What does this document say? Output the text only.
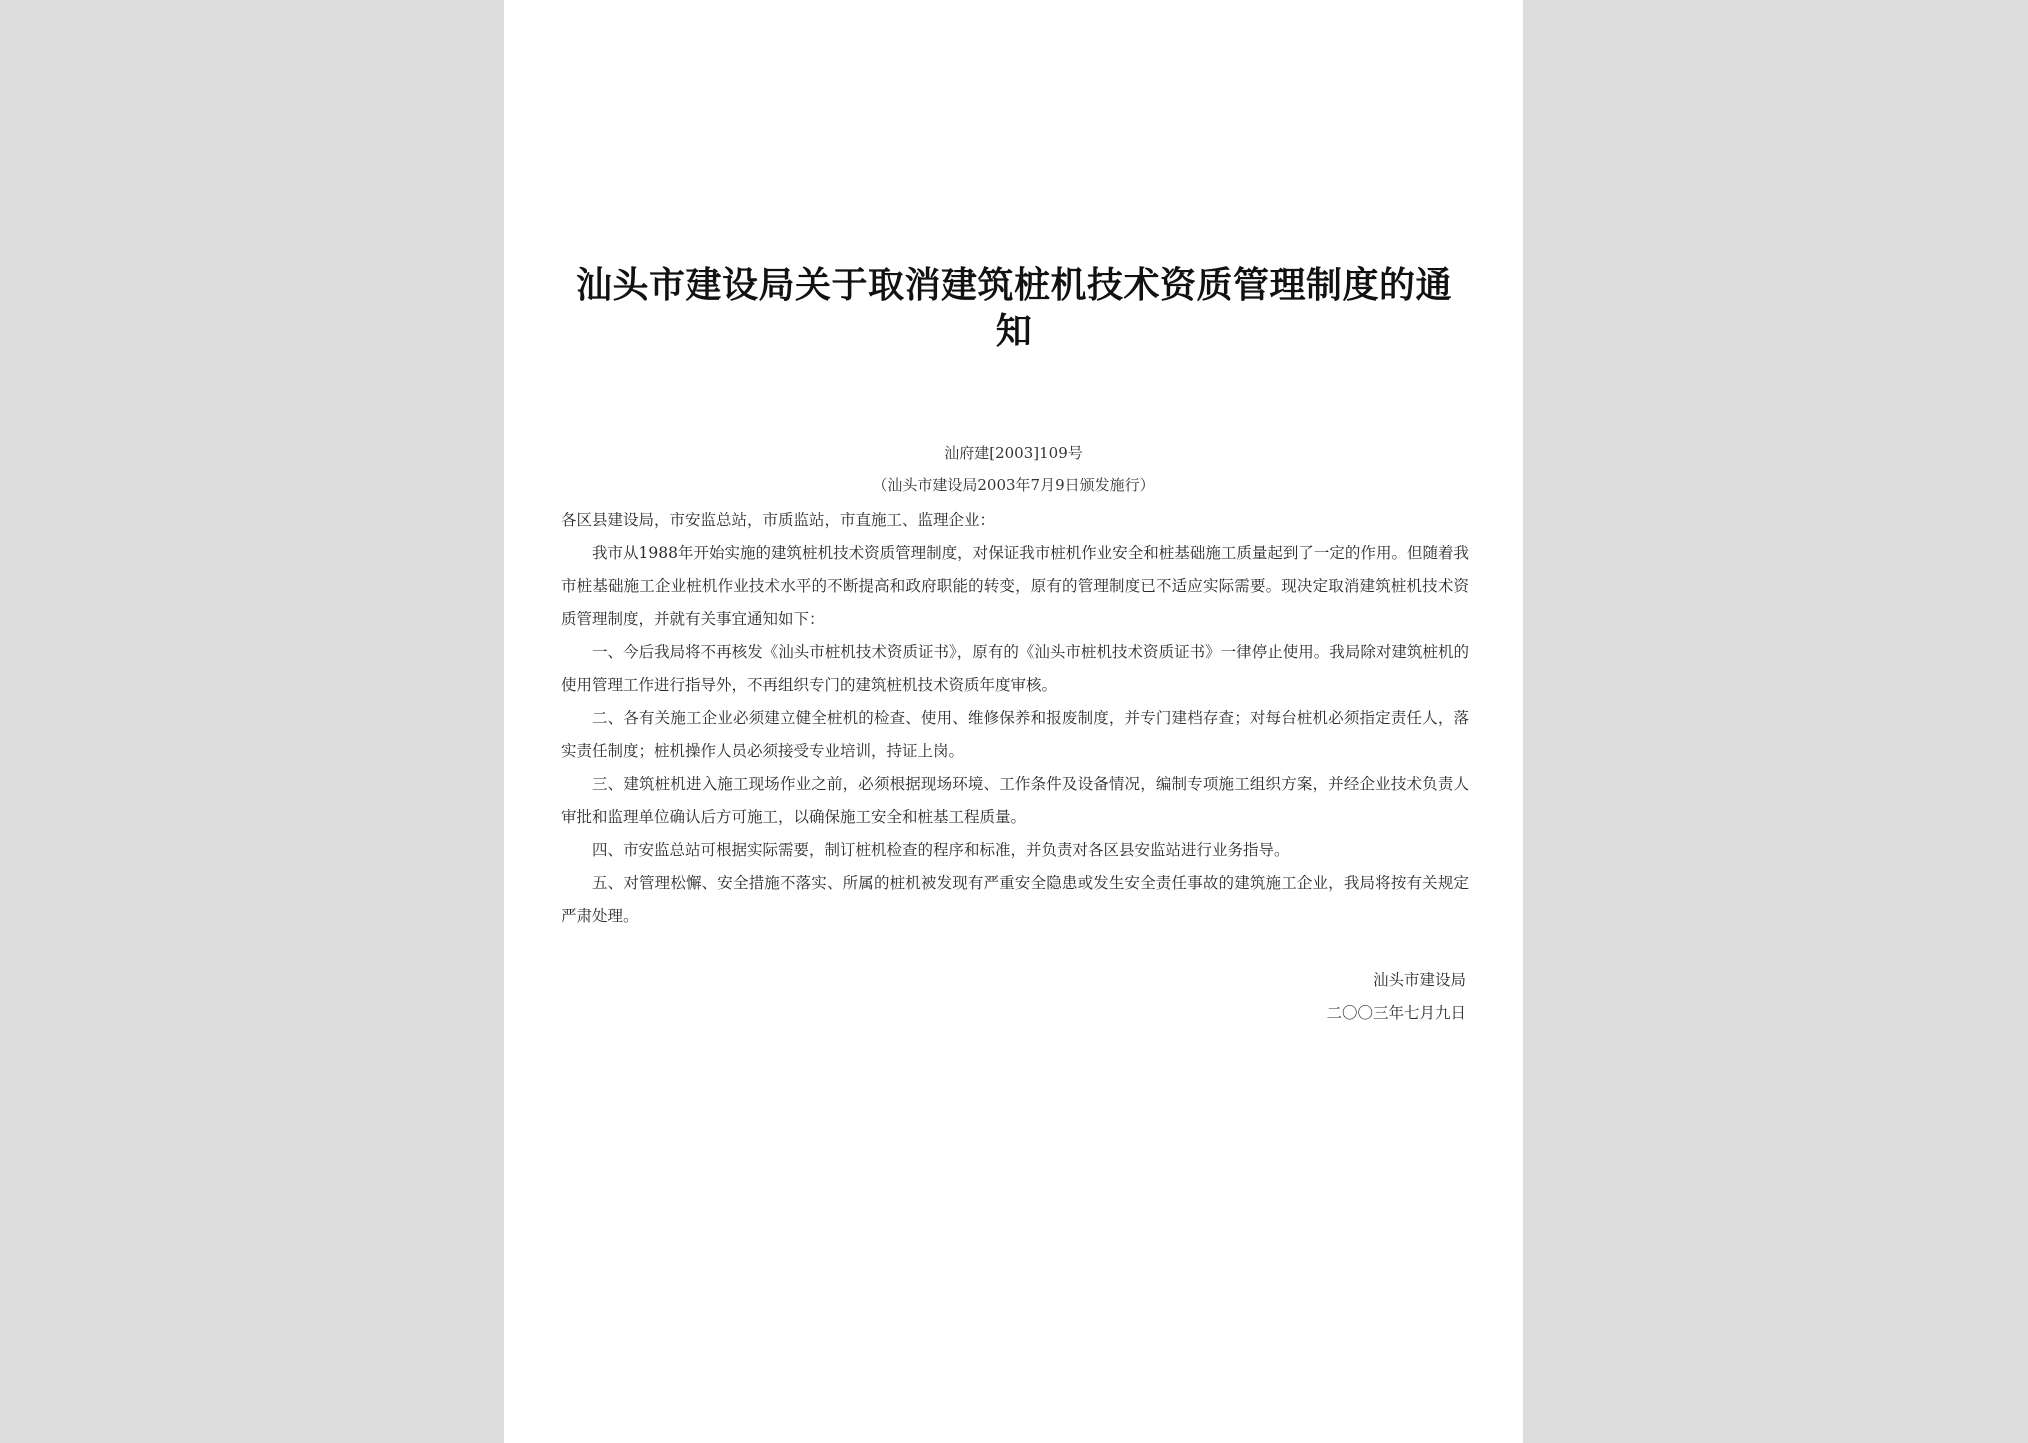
汕头市建设局关于取消建筑桩机技术资质管理制度的通知
汕府建[2003]109号
（汕头市建设局2003年7月9日颁发施行）

各区县建设局，市安监总站，市质监站，市直施工、监理企业：

我市从1988年开始实施的建筑桩机技术资质管理制度，对保证我市桩机作业安全和桩基础施工质量起到了一定的作用。但随着我市桩基础施工企业桩机作业技术水平的不断提高和政府职能的转变，原有的管理制度已不适应实际需要。现决定取消建筑桩机技术资质管理制度，并就有关事宜通知如下：

一、今后我局将不再核发《汕头市桩机技术资质证书》，原有的《汕头市桩机技术资质证书》一律停止使用。我局除对建筑桩机的使用管理工作进行指导外，不再组织专门的建筑桩机技术资质年度审核。

二、各有关施工企业必须建立健全桩机的检查、使用、维修保养和报废制度，并专门建档存查；对每台桩机必须指定责任人，落实责任制度；桩机操作人员必须接受专业培训，持证上岗。

三、建筑桩机进入施工现场作业之前，必须根据现场环境、工作条件及设备情况，编制专项施工组织方案，并经企业技术负责人审批和监理单位确认后方可施工，以确保施工安全和桩基工程质量。

四、市安监总站可根据实际需要，制订桩机检查的程序和标准，并负责对各区县安监站进行业务指导。

五、对管理松懈、安全措施不落实、所属的桩机被发现有严重安全隐患或发生安全责任事故的建筑施工企业，我局将按有关规定严肃处理。

汕头市建设局
二〇〇三年七月九日
